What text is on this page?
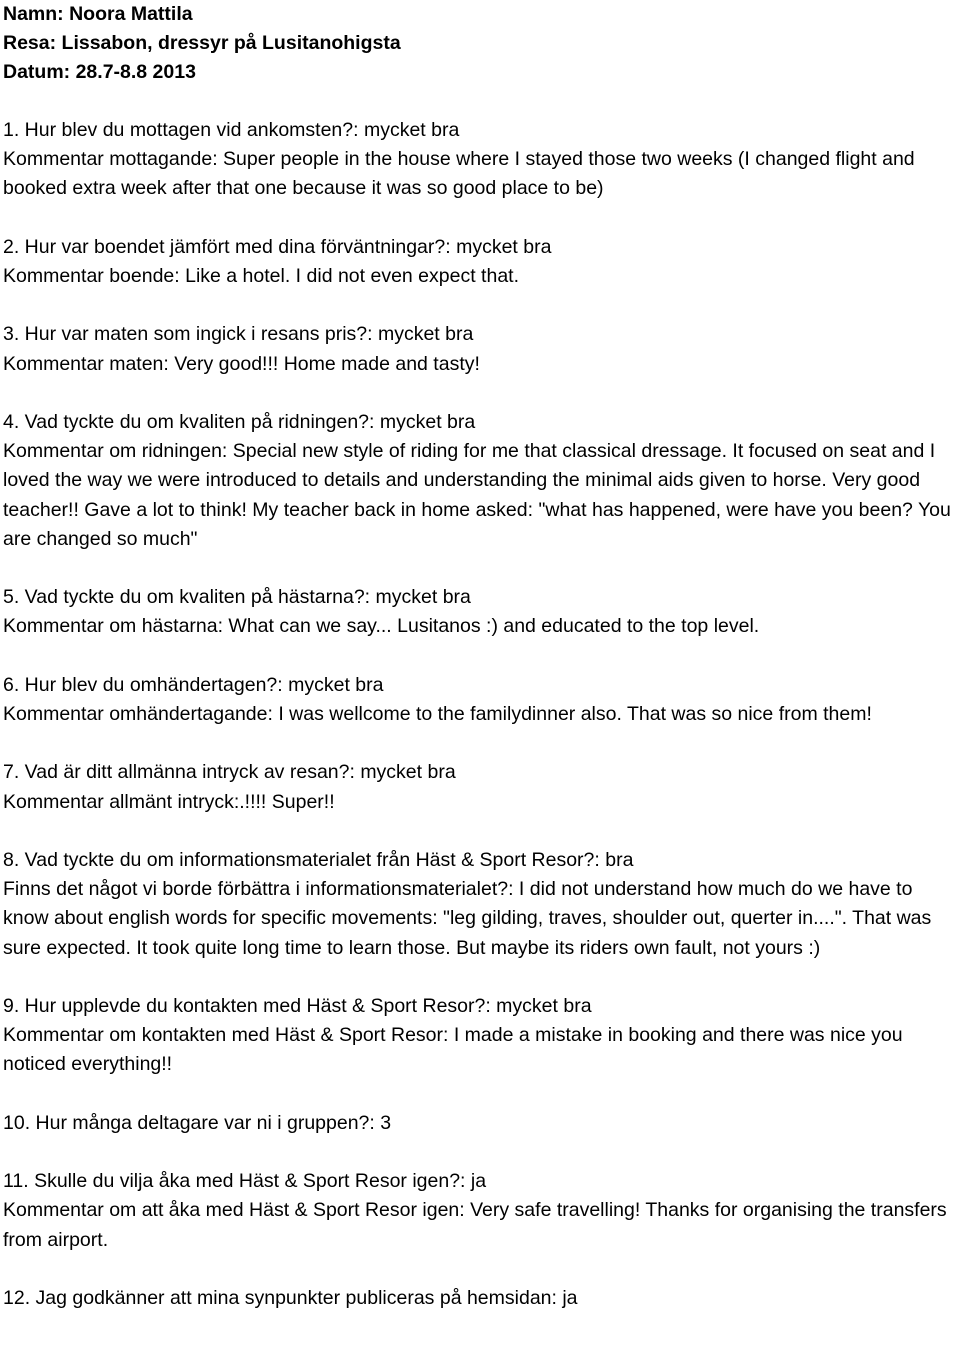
Namn: Noora Mattila
Resa: Lissabon, dressyr på Lusitanohigsta
Datum: 28.7-8.8 2013
1. Hur blev du mottagen vid ankomsten?: mycket bra
Kommentar mottagande: Super people in the house where I stayed those two weeks (I changed flight and booked extra week after that one because it was so good place to be)
2. Hur var boendet jämfört med dina förväntningar?: mycket bra
Kommentar boende: Like a hotel. I did not even expect that.
3. Hur var maten som ingick i resans pris?: mycket bra
Kommentar maten: Very good!!! Home made and tasty!
4. Vad tyckte du om kvaliten på ridningen?: mycket bra
Kommentar om ridningen: Special new style of riding for me that classical dressage. It focused on seat and I loved the way we were introduced to details and understanding the minimal aids given to horse. Very good teacher!! Gave a lot to think! My teacher back in home asked: "what has happened, were have you been? You are changed so much"
5. Vad tyckte du om kvaliten på hästarna?: mycket bra
Kommentar om hästarna: What can we say... Lusitanos :) and educated to the top level.
6. Hur blev du omhändertagen?: mycket bra
Kommentar omhändertagande: I was wellcome to the familydinner also. That was so nice from them!
7. Vad är ditt allmänna intryck av resan?: mycket bra
Kommentar allmänt intryck:.!!!! Super!!
8. Vad tyckte du om informationsmaterialet från Häst & Sport Resor?: bra
Finns det något vi borde förbättra i informationsmaterialet?: I did not understand how much do we have to know about english words for specific movements: "leg gilding, traves, shoulder out, querter in....". That was sure expected. It took quite long time to learn those. But maybe its riders own fault, not yours :)
9. Hur upplevde du kontakten med Häst & Sport Resor?: mycket bra
Kommentar om kontakten med Häst & Sport Resor: I made a mistake in booking and there was nice you noticed everything!!
10. Hur många deltagare var ni i gruppen?: 3
11. Skulle du vilja åka med Häst & Sport Resor igen?: ja
Kommentar om att åka med Häst & Sport Resor igen: Very safe travelling! Thanks for organising the transfers from airport.
12. Jag godkänner att mina synpunkter publiceras på hemsidan: ja
